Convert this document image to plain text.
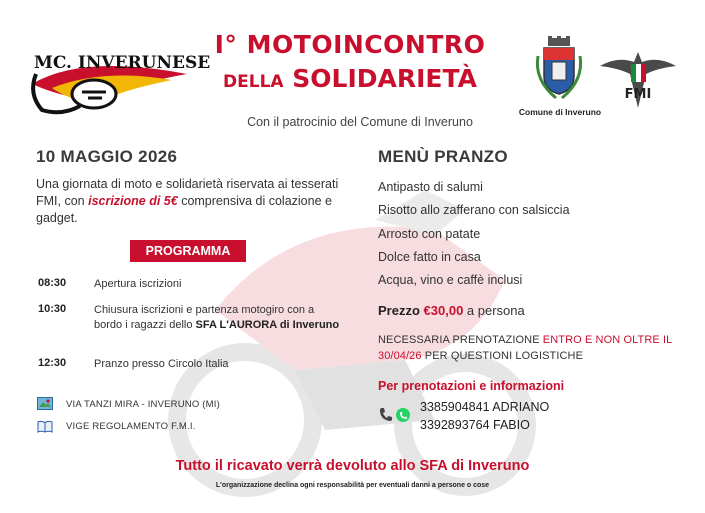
MC. INVERUNESE
I° MOTOINCONTRO
DELLA SOLIDARIETÀ
Con il patrocinio del Comune di Inveruno
Comune di Inveruno
FMI
10 MAGGIO 2026
Una giornata di moto e solidarietà riservata ai tesserati FMI, con iscrizione di 5€ comprensiva di colazione e gadget.
PROGRAMMA
08:30	Apertura iscrizioni
10:30	Chiusura iscrizioni e partenza motogiro con a bordo i ragazzi dello SFA L'AURORA di Inveruno
12:30	Pranzo presso Circolo Italia
VIA TANZI MIRA - INVERUNO (MI)
VIGE REGOLAMENTO F.M.I.
MENÙ PRANZO
Antipasto di salumi
Risotto allo zafferano con salsiccia
Arrosto con patate
Dolce fatto in casa
Acqua, vino e caffè inclusi
Prezzo €30,00 a persona
NECESSARIA PRENOTAZIONE ENTRO E NON OLTRE IL 30/04/26 PER QUESTIONI LOGISTICHE
Per prenotazioni e informazioni
3385904841 ADRIANO
3392893764 FABIO
Tutto il ricavato verrà devoluto allo SFA di Inveruno
L'organizzazione declina ogni responsabilità per eventuali danni a persone o cose
